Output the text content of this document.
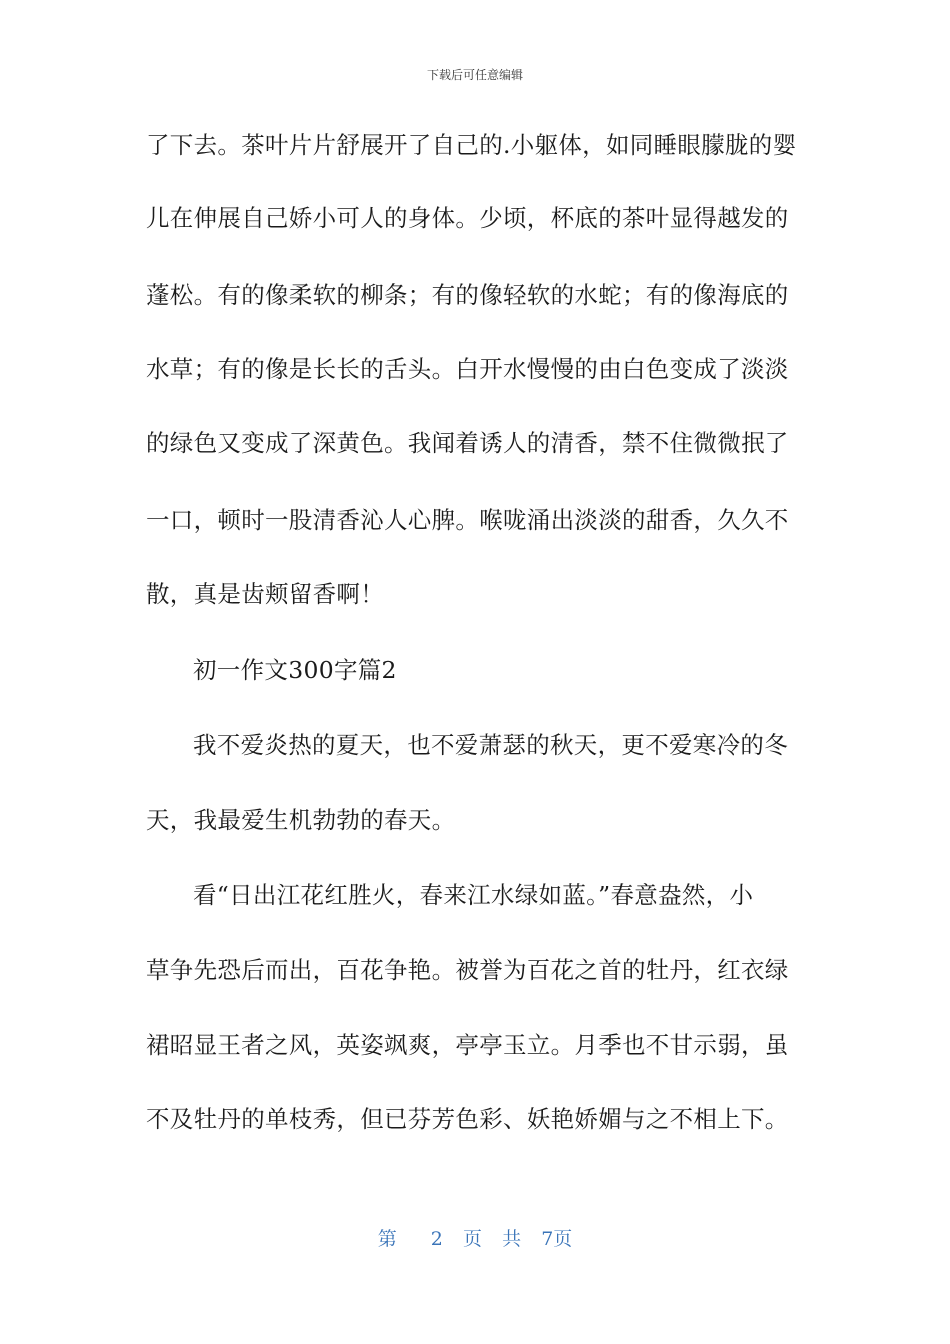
下载后可任意编辑
了下去。茶叶片片舒展开了自己的.小躯体，如同睡眼朦胧的婴
儿在伸展自己娇小可人的身体。少顷，杯底的茶叶显得越发的
蓬松。有的像柔软的柳条；有的像轻软的水蛇；有的像海底的
水草；有的像是长长的舌头。白开水慢慢的由白色变成了淡淡
的绿色又变成了深黄色。我闻着诱人的清香，禁不住微微抿了
一口，顿时一股清香沁人心脾。喉咙涌出淡淡的甜香，久久不
散，真是齿颊留香啊！
初一作文300字篇2
我不爱炎热的夏天，也不爱萧瑟的秋天，更不爱寒冷的冬
天，我最爱生机勃勃的春天。
看“日出江花红胜火，春来江水绿如蓝。”春意盎然，小
草争先恐后而出，百花争艳。被誉为百花之首的牡丹，红衣绿
裙昭显王者之风，英姿飒爽，亭亭玉立。月季也不甘示弱，虽
不及牡丹的单枝秀，但已芬芳色彩、妖艳娇媚与之不相上下。
第 2 页 共 7页
